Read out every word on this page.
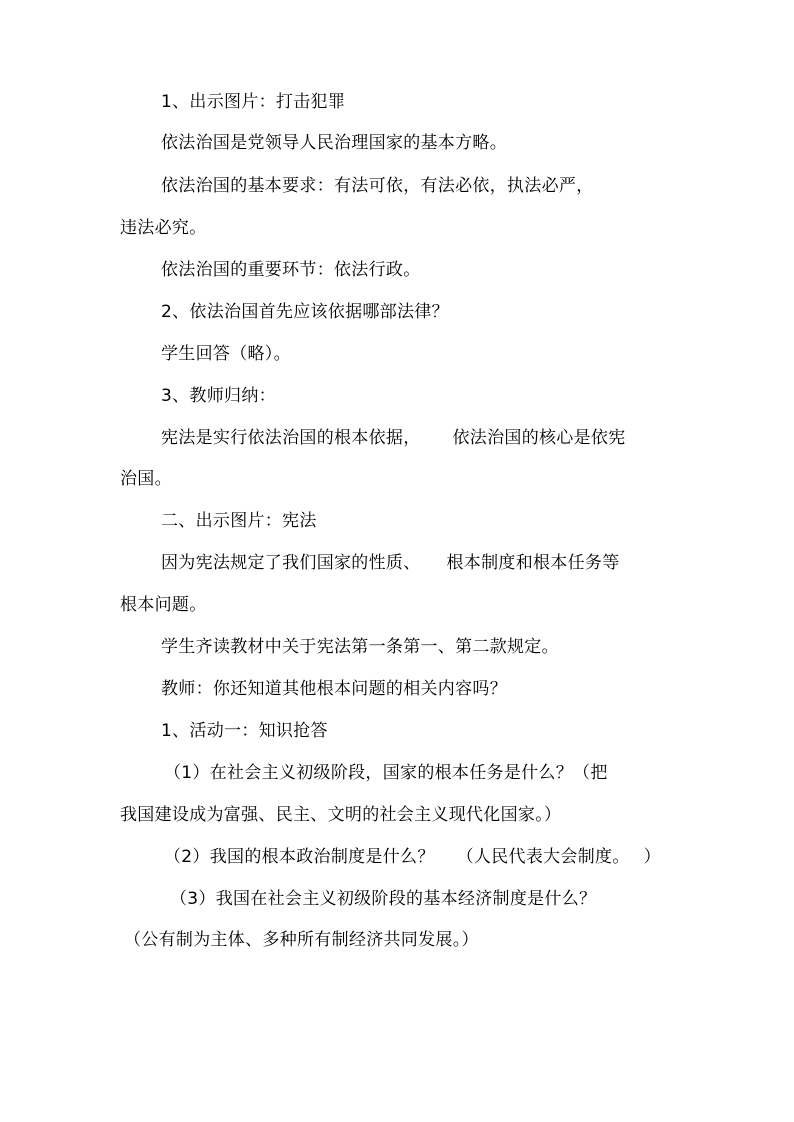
1、出示图片：打击犯罪
依法治国是党领导人民治理国家的基本方略。
依法治国的基本要求：有法可依，有法必依，执法必严，
违法必究。
依法治国的重要环节：依法行政。
2、依法治国首先应该依据哪部法律？
学生回答（略）。
3、教师归纳：
宪法是实行依法治国的根本依据， 依法治国的核心是依宪
治国。
二、出示图片：宪法
因为宪法规定了我们国家的性质、 根本制度和根本任务等
根本问题。
学生齐读教材中关于宪法第一条第一、第二款规定。
教师：你还知道其他根本问题的相关内容吗？
1、活动一：知识抢答
（1）在社会主义初级阶段，国家的根本任务是什么？（把
我国建设成为富强、民主、文明的社会主义现代化国家。）
（2）我国的根本政治制度是什么？ （人民代表大会制度。 ）
（3）我国在社会主义初级阶段的基本经济制度是什么？
（公有制为主体、多种所有制经济共同发展。）
